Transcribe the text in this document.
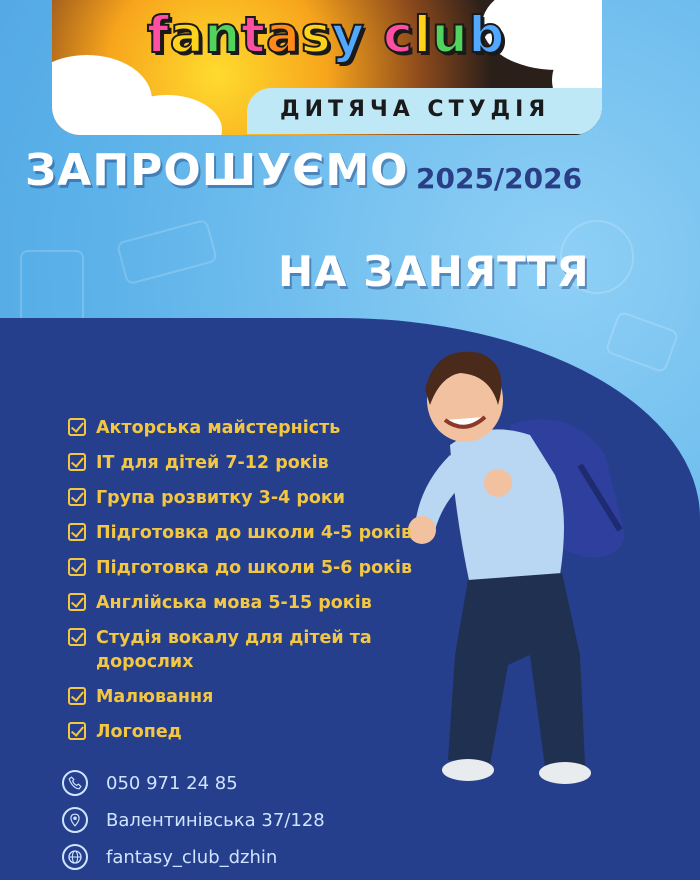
fantasy club
ДИТЯЧА СТУДІЯ
ЗАПРОШУЄМО 2025/2026
НА ЗАНЯТТЯ
Акторська майстерність
ІТ для дітей 7-12 років
Група розвитку 3-4 роки
Підготовка до школи 4-5 років
Підготовка до школи 5-6 років
Англійська мова 5-15 років
Студія вокалу для дітей та дорослих
Малювання
Логопед
050 971 24 85
Валентинівська 37/128
fantasy_club_dzhin
